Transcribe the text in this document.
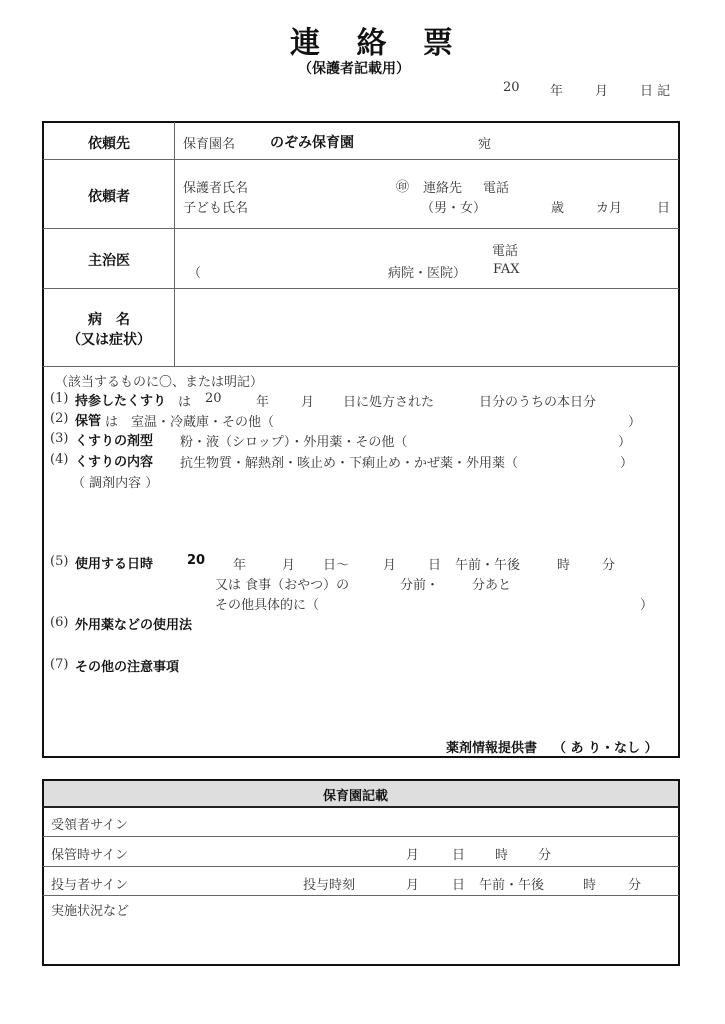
連 絡 票
（保護者記載用）
20 年 月 日 記
依頼先	保育園名 のぞみ保育園	宛
依頼者
保護者氏名	㊞ 連絡先 電話
子ども氏名	（男・女）	歳 カ月	日
主治医
電話
（	病院・医院） FAX
病　名
（又は症状）
（該当するものに〇、または明記）
(1) 持参したくすり は 20	年 月 日に処方された	日分のうちの本日分
(2) 保管 は　室温・冷蔵庫・その他（	）
(3) くすりの剤型 粉・液（シロップ）・外用薬・その他（	）
(4) くすりの内容 抗生物質・解熱剤・咳止め・下痢止め・かぜ薬・外用薬（	）
（ 調剤内容 ）
(5) 使用する日時	20 年	月 日～	月 日 午前・午後	時 分
又は 食事（おやつ）の	分前・	分あと
その他具体的に（	）
(6) 外用薬などの使用法
(7) その他の注意事項
薬剤情報提供書 （ あ り・なし ）
保育園記載
受領者サイン
保管時サイン	月	日 時 分
投与者サイン	投与時刻	月	日 午前・午後	時 分
実施状況など
